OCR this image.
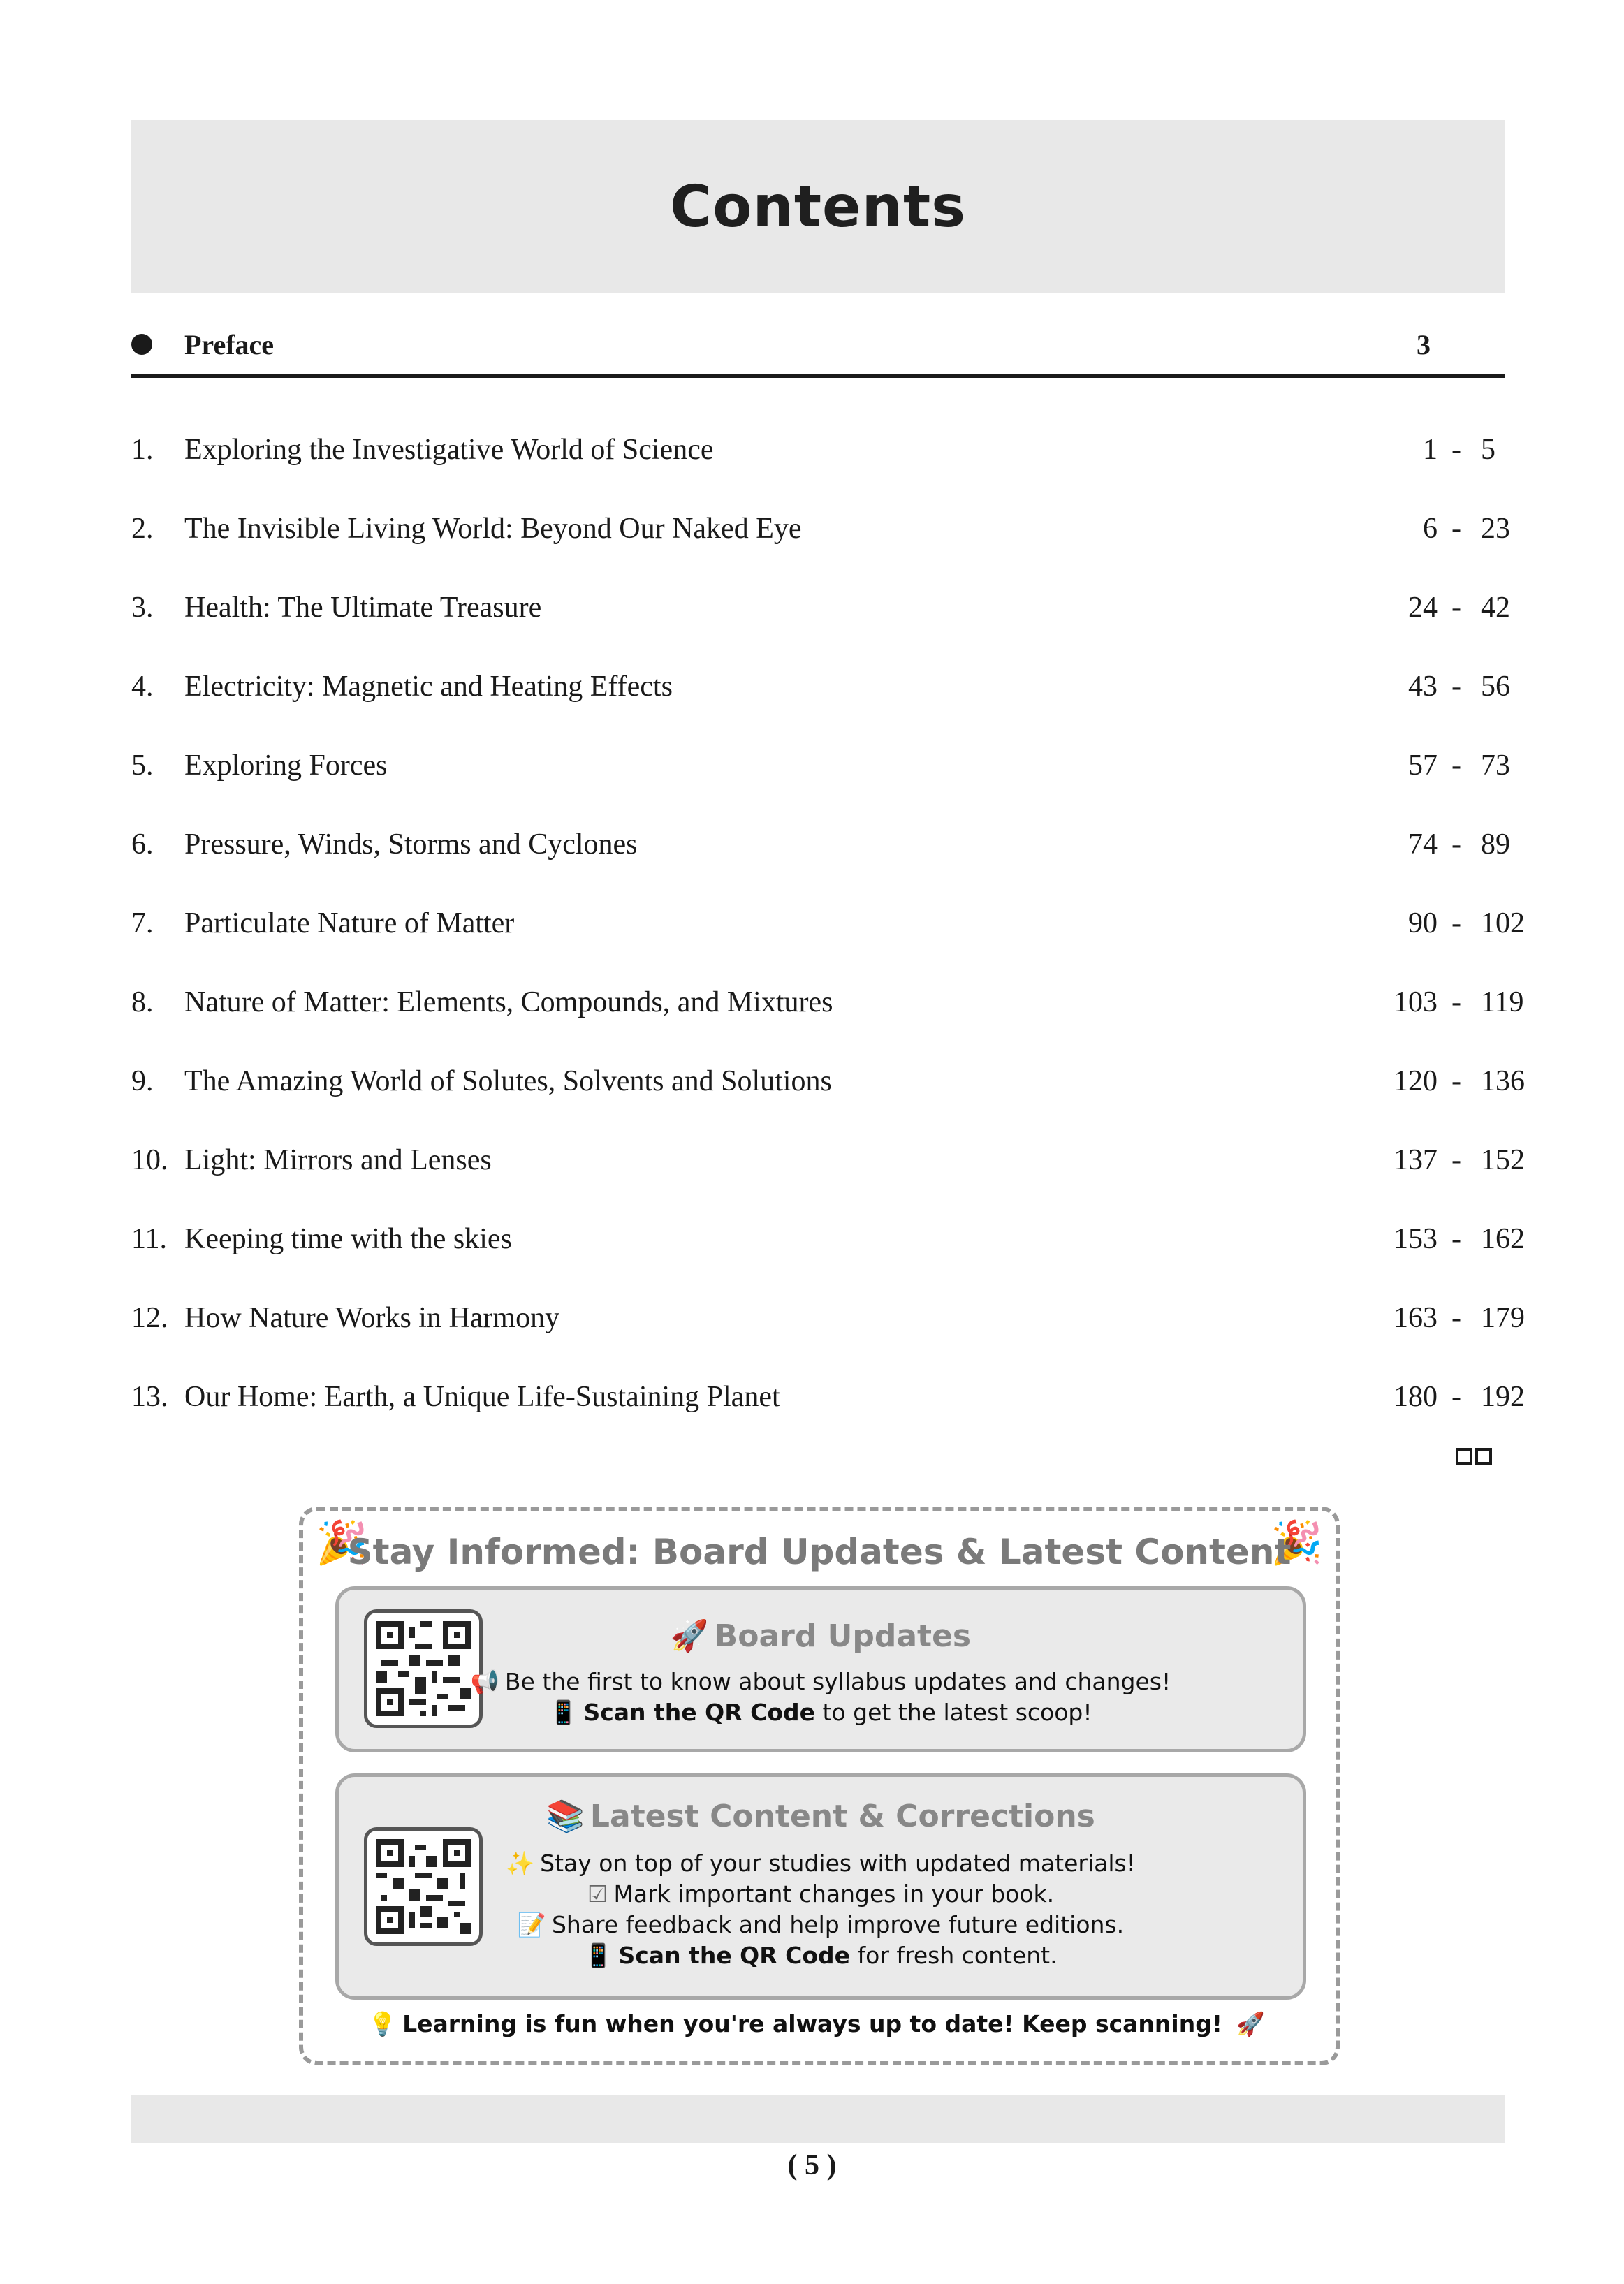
Contents
Preface	3
1. Exploring the Investigative World of Science	1 - 5
2. The Invisible Living World: Beyond Our Naked Eye	6 - 23
3. Health: The Ultimate Treasure	24 - 42
4. Electricity: Magnetic and Heating Effects	43 - 56
5. Exploring Forces	57 - 73
6. Pressure, Winds, Storms and Cyclones	74 - 89
7. Particulate Nature of Matter	90 - 102
8. Nature of Matter: Elements, Compounds, and Mixtures	103 - 119
9. The Amazing World of Solutes, Solvents and Solutions	120 - 136
10. Light: Mirrors and Lenses	137 - 152
11. Keeping time with the skies	153 - 162
12. How Nature Works in Harmony	163 - 179
13. Our Home: Earth, a Unique Life-Sustaining Planet	180 - 192
🎉	🎉
Stay Informed: Board Updates & Latest Content
🚀 Board Updates
📢 Be the first to know about syllabus updates and changes!
📱 Scan the QR Code to get the latest scoop!
📚 Latest Content & Corrections
✨ Stay on top of your studies with updated materials!
☑ Mark important changes in your book.
📝 Share feedback and help improve future editions.
📱 Scan the QR Code for fresh content.
💡 Learning is fun when you're always up to date! Keep scanning! 🚀
( 5 )
